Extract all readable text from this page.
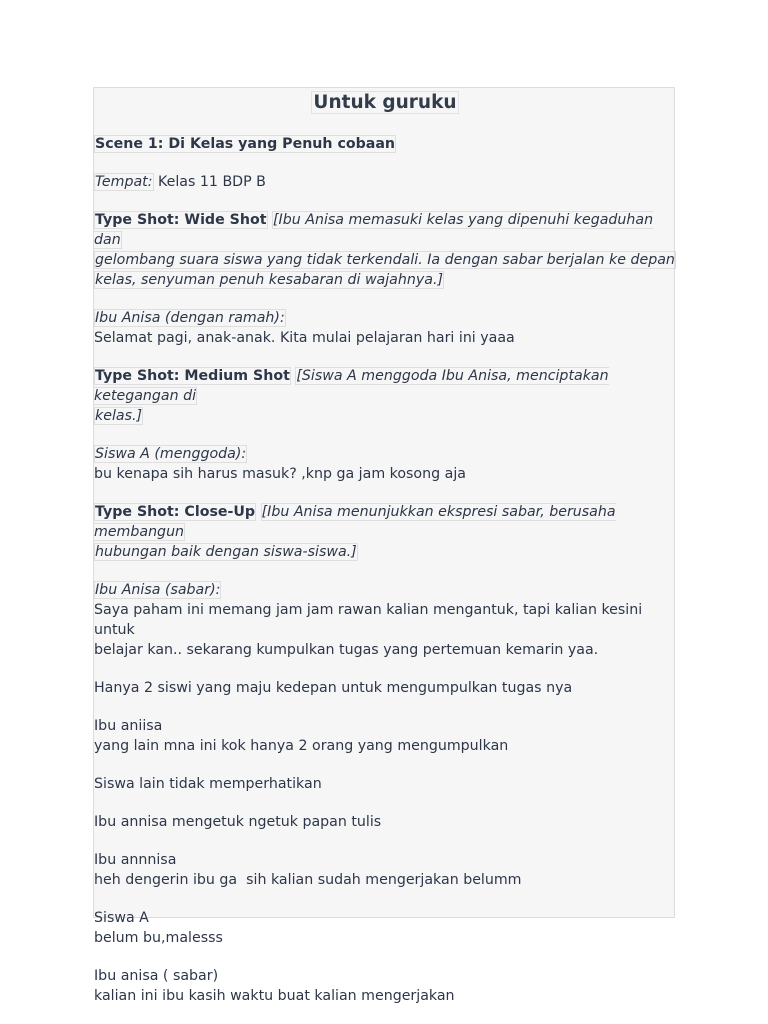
Untuk guruku
Scene 1: Di Kelas yang Penuh cobaan
Tempat: Kelas 11 BDP B
Type Shot: Wide Shot [Ibu Anisa memasuki kelas yang dipenuhi kegaduhan dan
gelombang suara siswa yang tidak terkendali. Ia dengan sabar berjalan ke depan
kelas, senyuman penuh kesabaran di wajahnya.]
Ibu Anisa (dengan ramah):
Selamat pagi, anak-anak. Kita mulai pelajaran hari ini yaaa
Type Shot: Medium Shot [Siswa A menggoda Ibu Anisa, menciptakan ketegangan di
kelas.]
Siswa A (menggoda):
bu kenapa sih harus masuk? ,knp ga jam kosong aja
Type Shot: Close-Up [Ibu Anisa menunjukkan ekspresi sabar, berusaha membangun
hubungan baik dengan siswa-siswa.]
Ibu Anisa (sabar):
Saya paham ini memang jam jam rawan kalian mengantuk, tapi kalian kesini untuk
belajar kan.. sekarang kumpulkan tugas yang pertemuan kemarin yaa.
Hanya 2 siswi yang maju kedepan untuk mengumpulkan tugas nya
Ibu aniisa
yang lain mna ini kok hanya 2 orang yang mengumpulkan
Siswa lain tidak memperhatikan
Ibu annisa mengetuk ngetuk papan tulis
Ibu annnisa
heh dengerin ibu ga  sih kalian sudah mengerjakan belumm
Siswa A
belum bu,malesss
Ibu anisa ( sabar)
kalian ini ibu kasih waktu buat kalian mengerjakan
